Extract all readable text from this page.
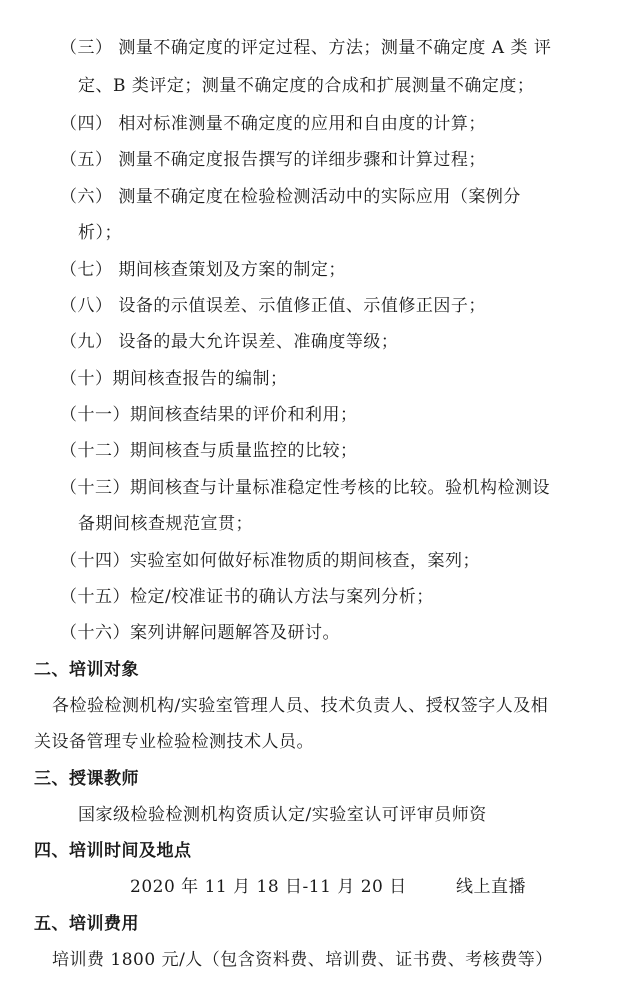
（三） 测量不确定度的评定过程、方法；测量不确定度 A 类 评
定、B 类评定；测量不确定度的合成和扩展测量不确定度；
（四） 相对标准测量不确定度的应用和自由度的计算；
（五） 测量不确定度报告撰写的详细步骤和计算过程；
（六） 测量不确定度在检验检测活动中的实际应用（案例分
析）；
（七） 期间核查策划及方案的制定；
（八） 设备的示值误差、示值修正值、示值修正因子；
（九） 设备的最大允许误差、准确度等级；
（十）期间核查报告的编制；
（十一）期间核查结果的评价和利用；
（十二）期间核查与质量监控的比较；
（十三）期间核查与计量标准稳定性考核的比较。验机构检测设
备期间核查规范宣贯；
（十四）实验室如何做好标准物质的期间核查，案列；
（十五）检定/校准证书的确认方法与案列分析；
（十六）案列讲解问题解答及研讨。
二、培训对象
各检验检测机构/实验室管理人员、技术负责人、授权签字人及相
关设备管理专业检验检测技术人员。
三、授课教师
国家级检验检测机构资质认定/实验室认可评审员师资
四、培训时间及地点
2020 年 11 月 18 日-11 月 20 日	线上直播
五、培训费用
培训费 1800 元/人（包含资料费、培训费、证书费、考核费等）
